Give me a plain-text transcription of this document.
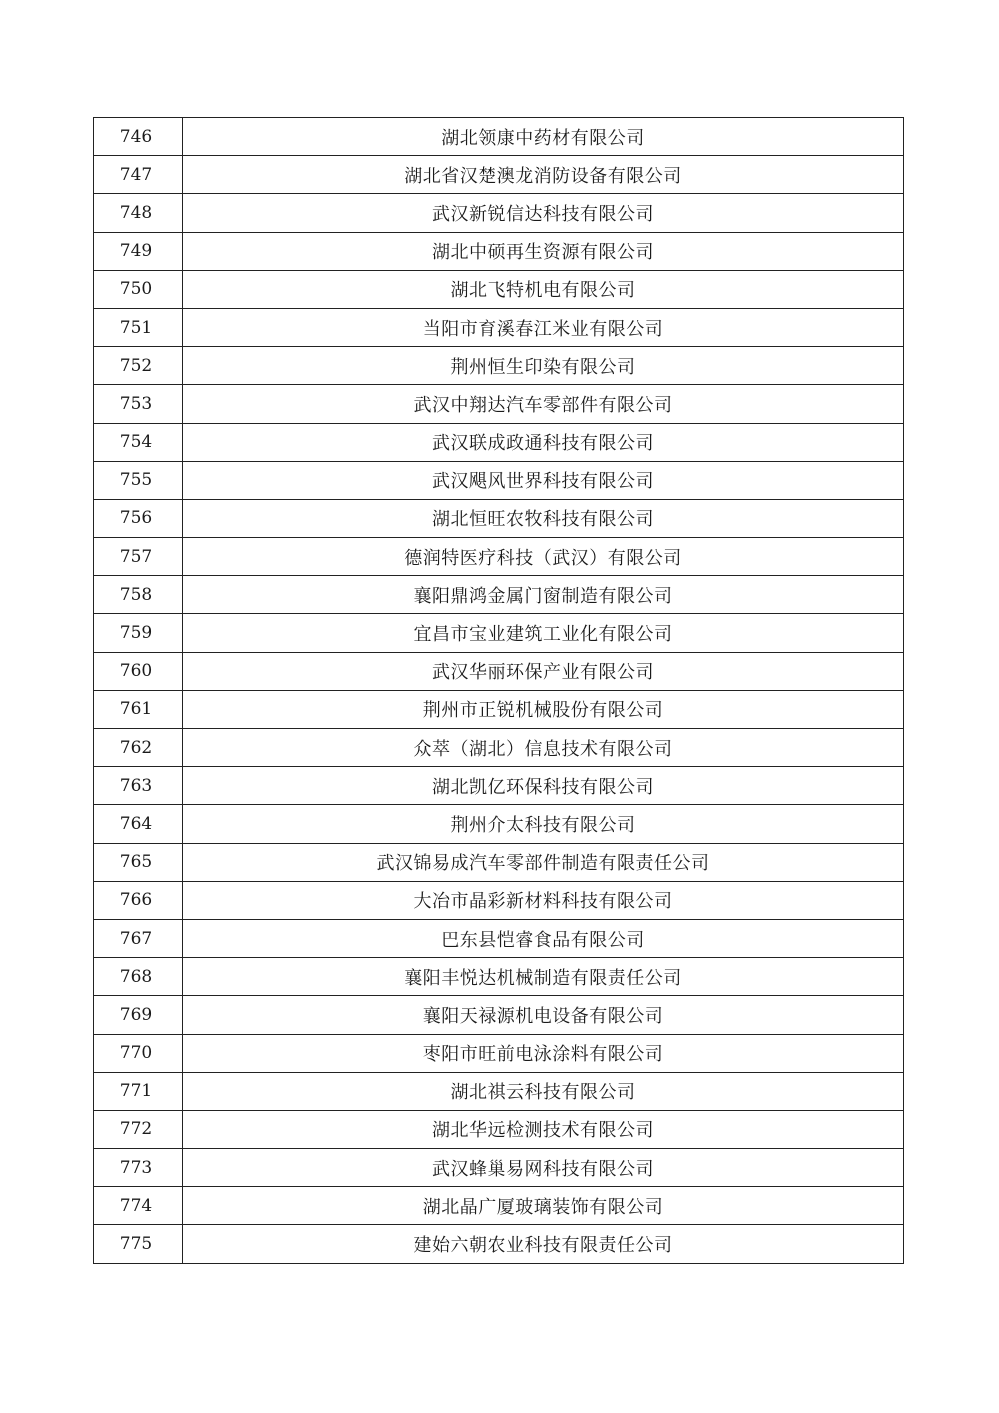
746	湖北领康中药材有限公司
747	湖北省汉楚澳龙消防设备有限公司
748	武汉新锐信达科技有限公司
749	湖北中硕再生资源有限公司
750	湖北飞特机电有限公司
751	当阳市育溪春江米业有限公司
752	荆州恒生印染有限公司
753	武汉中翔达汽车零部件有限公司
754	武汉联成政通科技有限公司
755	武汉飓风世界科技有限公司
756	湖北恒旺农牧科技有限公司
757	德润特医疗科技（武汉）有限公司
758	襄阳鼎鸿金属门窗制造有限公司
759	宜昌市宝业建筑工业化有限公司
760	武汉华丽环保产业有限公司
761	荆州市正锐机械股份有限公司
762	众萃（湖北）信息技术有限公司
763	湖北凯亿环保科技有限公司
764	荆州介太科技有限公司
765	武汉锦易成汽车零部件制造有限责任公司
766	大冶市晶彩新材料科技有限公司
767	巴东县恺睿食品有限公司
768	襄阳丰悦达机械制造有限责任公司
769	襄阳天禄源机电设备有限公司
770	枣阳市旺前电泳涂料有限公司
771	湖北祺云科技有限公司
772	湖北华远检测技术有限公司
773	武汉蜂巢易网科技有限公司
774	湖北晶广厦玻璃装饰有限公司
775	建始六朝农业科技有限责任公司
